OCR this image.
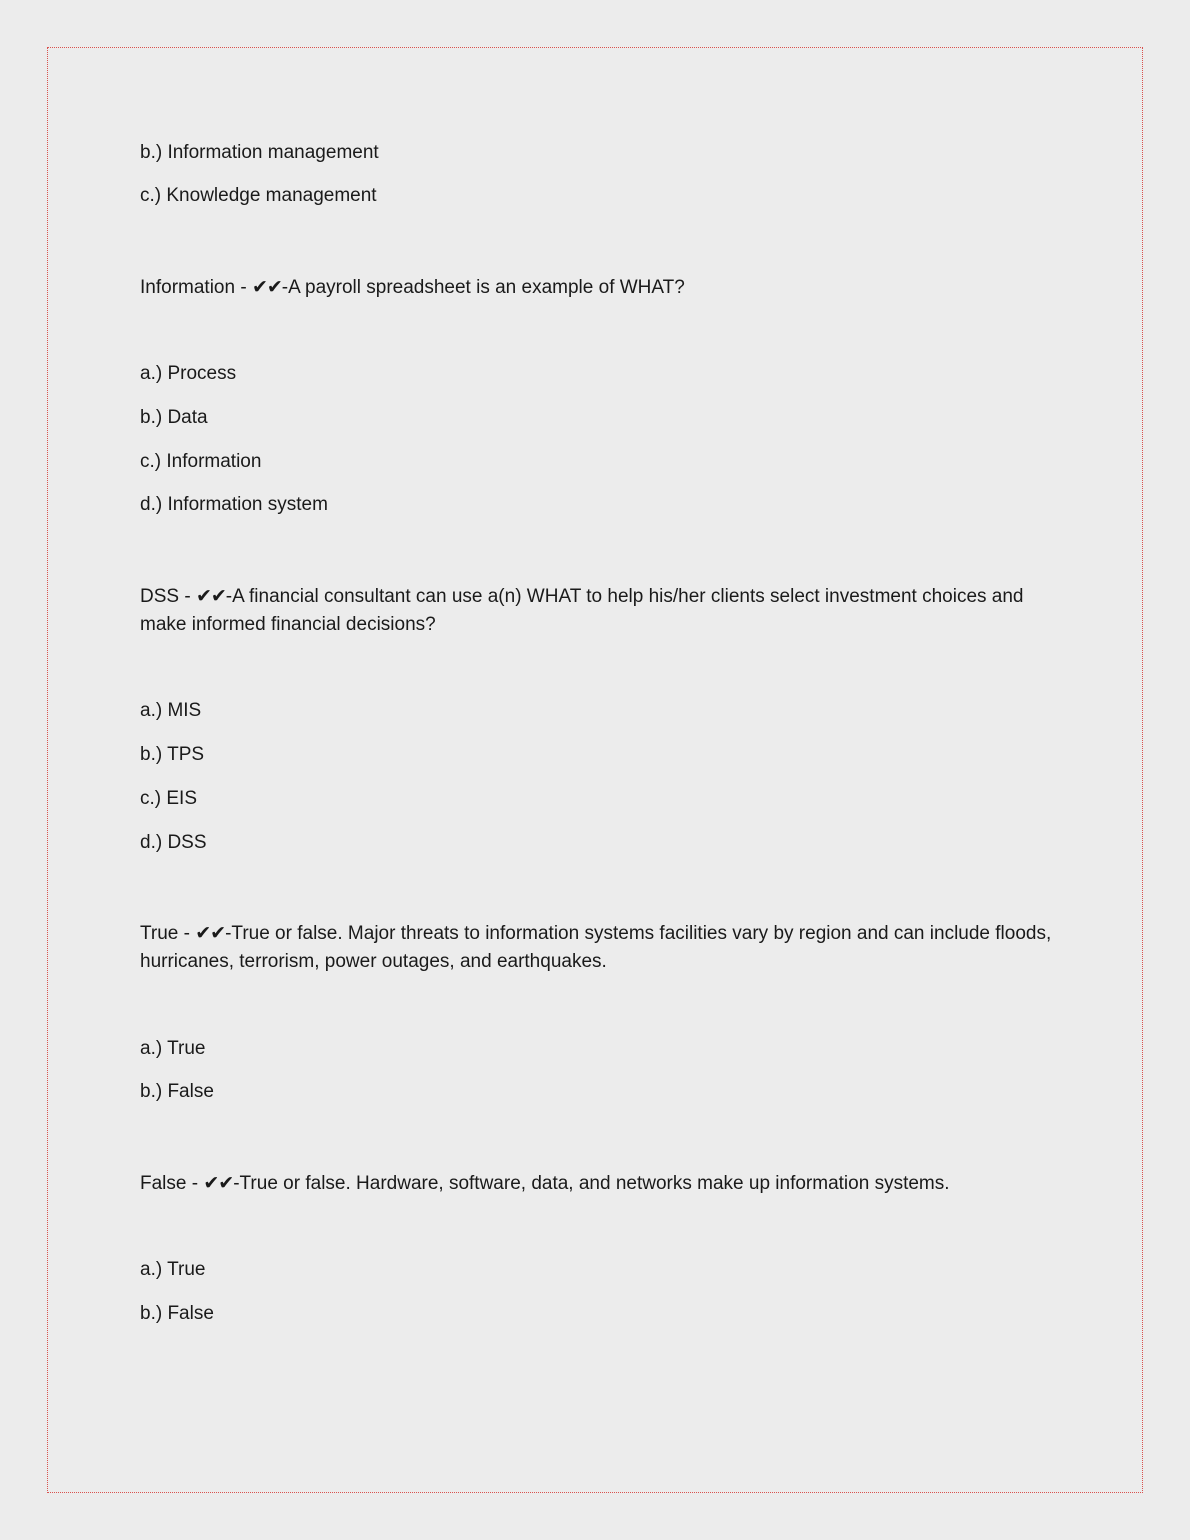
b.) Information management
c.) Knowledge management
Information - ✔✔-A payroll spreadsheet is an example of WHAT?
a.) Process
b.) Data
c.) Information
d.) Information system
DSS - ✔✔-A financial consultant can use a(n) WHAT to help his/her clients select investment choices and make informed financial decisions?
a.) MIS
b.) TPS
c.) EIS
d.) DSS
True - ✔✔-True or false. Major threats to information systems facilities vary by region and can include floods, hurricanes, terrorism, power outages, and earthquakes.
a.) True
b.) False
False - ✔✔-True or false. Hardware, software, data, and networks make up information systems.
a.) True
b.) False
